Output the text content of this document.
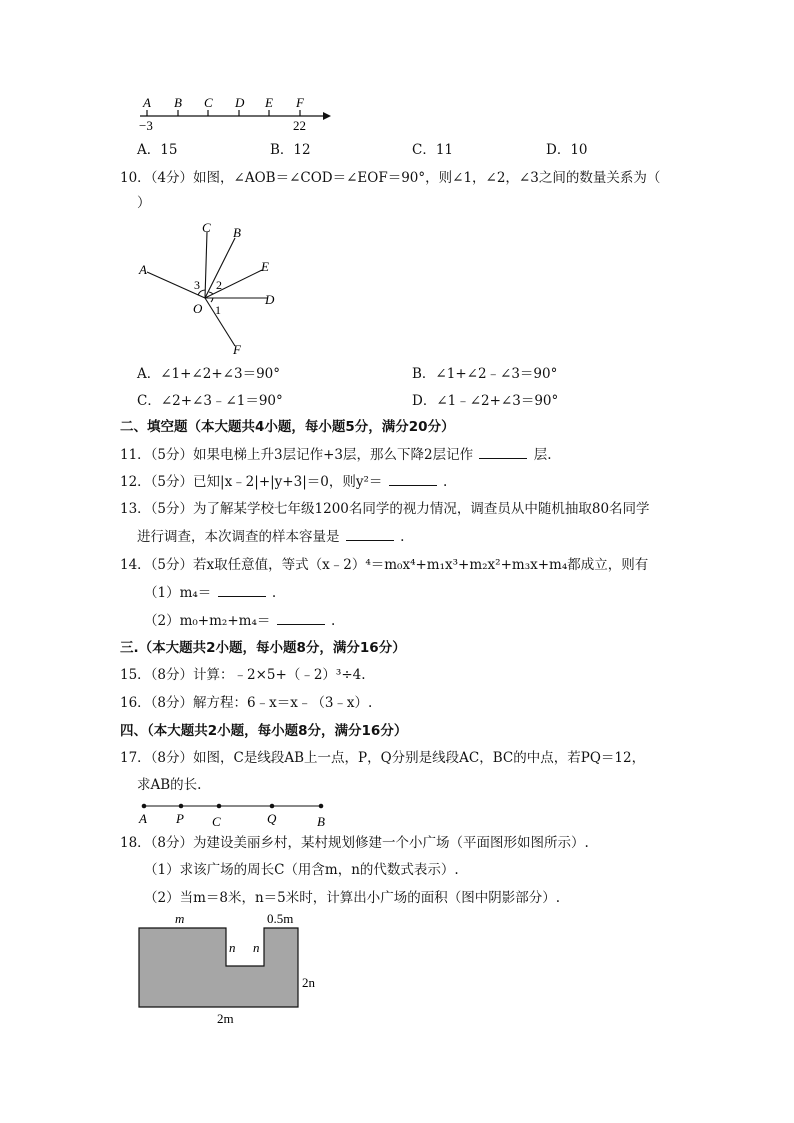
A B C D E F
−3	22
A．15	B．12	C．11	D．10
10．（4分）如图，∠AOB＝∠COD＝∠EOF＝90°，则∠1，∠2，∠3之间的数量关系为（
）
A
C B
E
D
F
O
3 2
1
A．∠1+∠2+∠3＝90°	B．∠1+∠2﹣∠3＝90°
C．∠2+∠3﹣∠1＝90°	D．∠1﹣∠2+∠3＝90°
二、填空题（本大题共4小题，每小题5分，满分20分）
11．（5分）如果电梯上升3层记作+3层，那么下降2层记作	层.
12．（5分）已知|x﹣2|+|y+3|＝0，则y²＝	.
13．（5分）为了解某学校七年级1200名同学的视力情况，调查员从中随机抽取80名同学
进行调查，本次调查的样本容量是	.
14．（5分）若x取任意值，等式（x﹣2）⁴＝m₀x⁴+m₁x³+m₂x²+m₃x+m₄都成立，则有
（1）m₄＝	.
（2）m₀+m₂+m₄＝	.
三.（本大题共2小题，每小题8分，满分16分）
15．（8分）计算：﹣2×5+（﹣2）³÷4.
16．（8分）解方程：6﹣x＝x﹣（3﹣x）.
四、（本大题共2小题，每小题8分，满分16分）
17．（8分）如图，C是线段AB上一点，P，Q分别是线段AC，BC的中点，若PQ＝12，
求AB的长.
A P C	Q	B
18．（8分）为建设美丽乡村，某村规划修建一个小广场（平面图形如图所示）.
（1）求该广场的周长C（用含m，n的代数式表示）.
（2）当m＝8米，n＝5米时，计算出小广场的面积（图中阴影部分）.
m	0.5m
n n
2n
2m
